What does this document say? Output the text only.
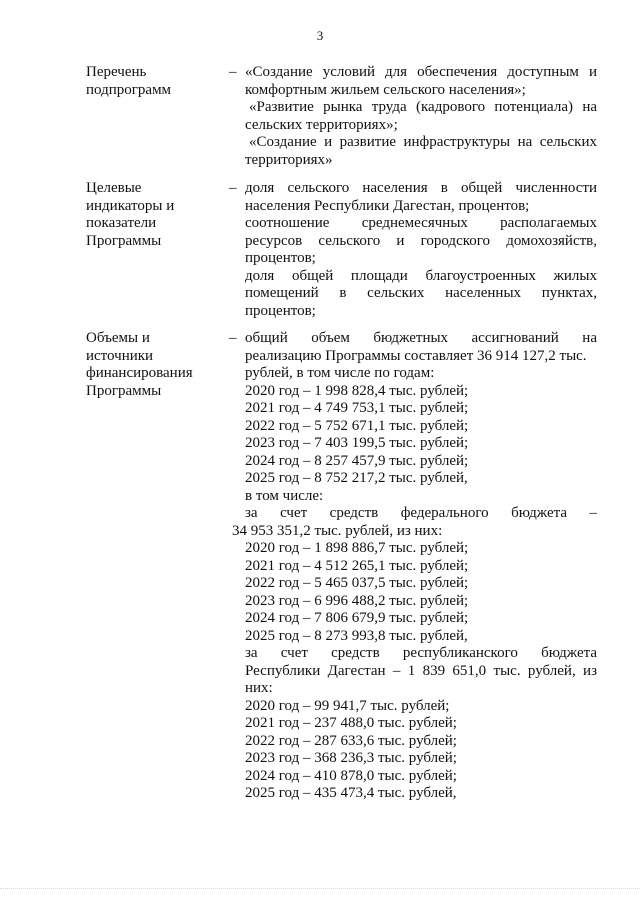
3
Перечень
подпрограмм
– «Создание условий для обеспечения доступным и
комфортным жильем сельского населения»;
«Развитие рынка труда (кадрового потенциала) на
сельских территориях»;
«Создание и развитие инфраструктуры на сельских
территориях»
Целевые
индикаторы и
показатели
Программы
– доля сельского населения в общей численности
населения Республики Дагестан, процентов;
соотношение среднемесячных располагаемых
ресурсов сельского и городского домохозяйств,
процентов;
доля общей площади благоустроенных жилых
помещений в сельских населенных пунктах,
процентов;
Объемы и
источники
финансирования
Программы
– общий объем бюджетных ассигнований на
реализацию Программы составляет 36 914 127,2 тыс.
рублей, в том числе по годам:
2020 год – 1 998 828,4 тыс. рублей;
2021 год – 4 749 753,1 тыс. рублей;
2022 год – 5 752 671,1 тыс. рублей;
2023 год – 7 403 199,5 тыс. рублей;
2024 год – 8 257 457,9 тыс. рублей;
2025 год – 8 752 217,2 тыс. рублей,
в том числе:
за счет средств федерального бюджета –
34 953 351,2 тыс. рублей, из них:
2020 год – 1 898 886,7 тыс. рублей;
2021 год – 4 512 265,1 тыс. рублей;
2022 год – 5 465 037,5 тыс. рублей;
2023 год – 6 996 488,2 тыс. рублей;
2024 год – 7 806 679,9 тыс. рублей;
2025 год – 8 273 993,8 тыс. рублей,
за счет средств республиканского бюджета
Республики Дагестан – 1 839 651,0 тыс. рублей, из
них:
2020 год – 99 941,7 тыс. рублей;
2021 год – 237 488,0 тыс. рублей;
2022 год – 287 633,6 тыс. рублей;
2023 год – 368 236,3 тыс. рублей;
2024 год – 410 878,0 тыс. рублей;
2025 год – 435 473,4 тыс. рублей,
